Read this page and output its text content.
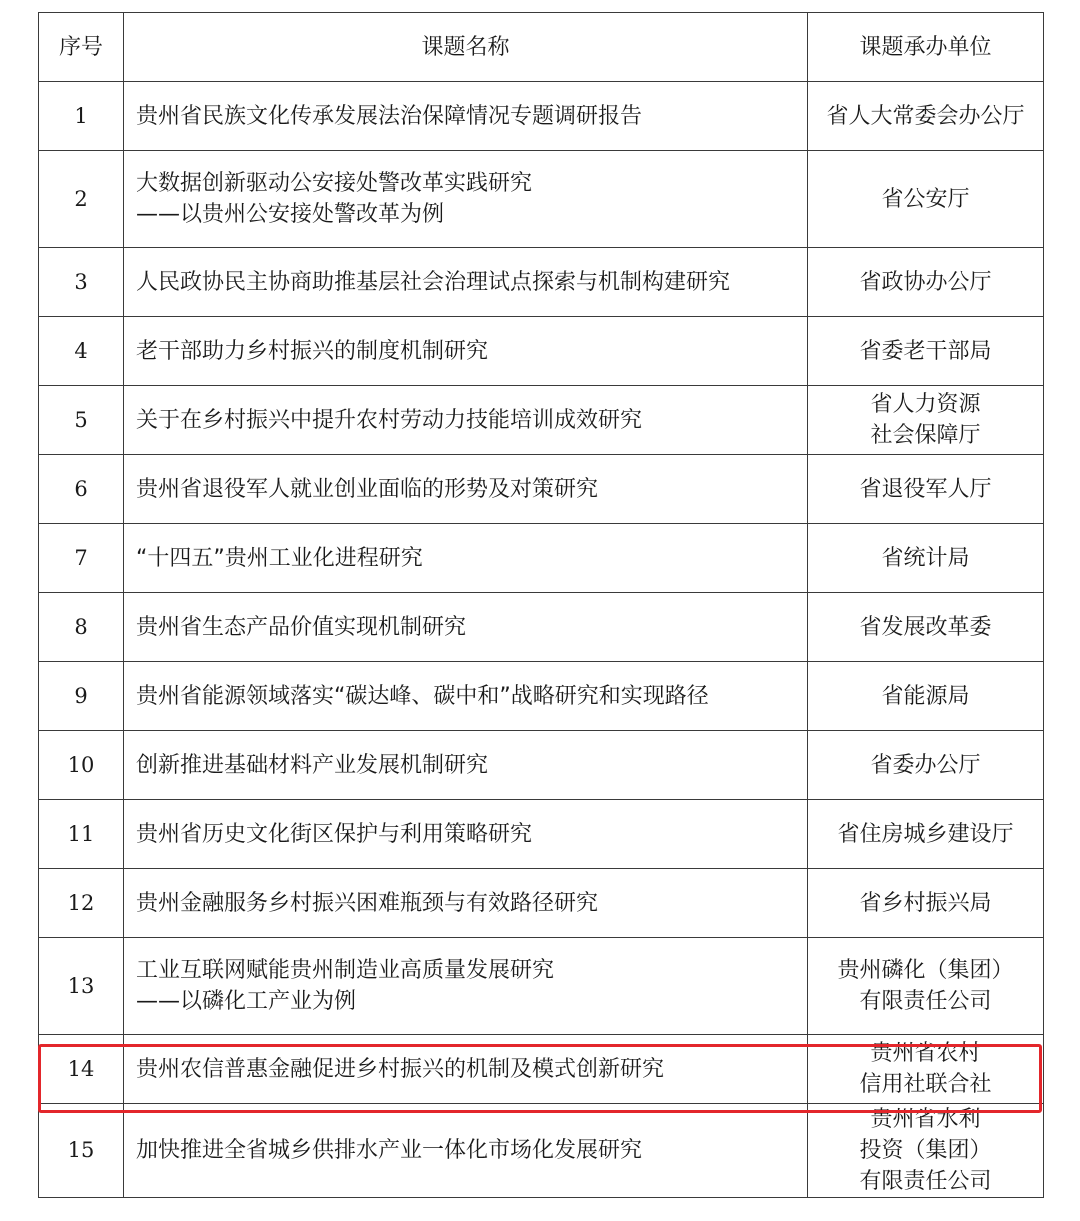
序号	课题名称	课题承办单位
1	贵州省民族文化传承发展法治保障情况专题调研报告	省人大常委会办公厅

2	大数据创新驱动公安接处警改革实践研究
——以贵州公安接处警改革为例	省公安厅

3	人民政协民主协商助推基层社会治理试点探索与机制构建研究	省政协办公厅

4	老干部助力乡村振兴的制度机制研究	省委老干部局

5	关于在乡村振兴中提升农村劳动力技能培训成效研究	省人力资源
社会保障厅

6	贵州省退役军人就业创业面临的形势及对策研究	省退役军人厅

7	“十四五”贵州工业化进程研究	省统计局

8	贵州省生态产品价值实现机制研究	省发展改革委

9	贵州省能源领域落实“碳达峰、碳中和”战略研究和实现路径	省能源局

10	创新推进基础材料产业发展机制研究	省委办公厅

11	贵州省历史文化街区保护与利用策略研究	省住房城乡建设厅

12	贵州金融服务乡村振兴困难瓶颈与有效路径研究	省乡村振兴局

13	工业互联网赋能贵州制造业高质量发展研究
——以磷化工产业为例	贵州磷化（集团）
有限责任公司

14	贵州农信普惠金融促进乡村振兴的机制及模式创新研究	贵州省农村
信用社联合社

15	加快推进全省城乡供排水产业一体化市场化发展研究	贵州省水利
投资（集团）
有限责任公司
